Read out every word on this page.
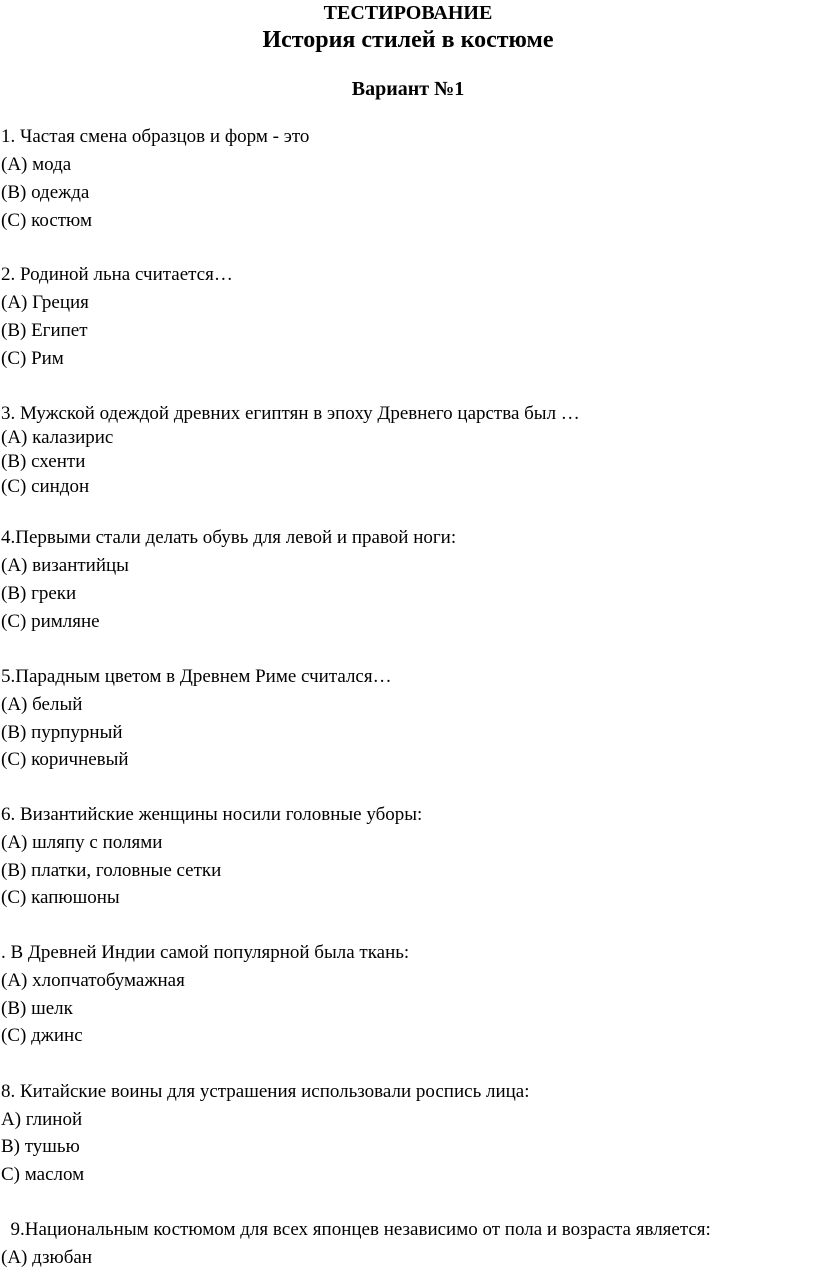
ТЕСТИРОВАНИЕ
История стилей в костюме
Вариант №1
1. Частая смена образцов и форм - это
(A) мода
(B) одежда
(C) костюм
2. Родиной льна считается…
(A) Греция
(B) Египет
(C) Рим
3. Мужской одеждой древних египтян в эпоху Древнего царства был …
(A) калазирис
(B) схенти
(C) синдон
4.Первыми стали делать обувь для левой и правой ноги:
(A) византийцы
(B) греки
(C) римляне
5.Парадным цветом в Древнем Риме считался…
(A) белый
(B) пурпурный
(C) коричневый
6. Византийские женщины носили головные уборы:
(A) шляпу с полями
(B) платки, головные сетки
(C) капюшоны
. В Древней Индии самой популярной была ткань:
(A) хлопчатобумажная
(B) шелк
(C) джинс
8. Китайские воины для устрашения использовали роспись лица:
A) глиной
B) тушью
C) маслом
9.Национальным костюмом для всех японцев независимо от пола и возраста является:
(A) дзюбан
